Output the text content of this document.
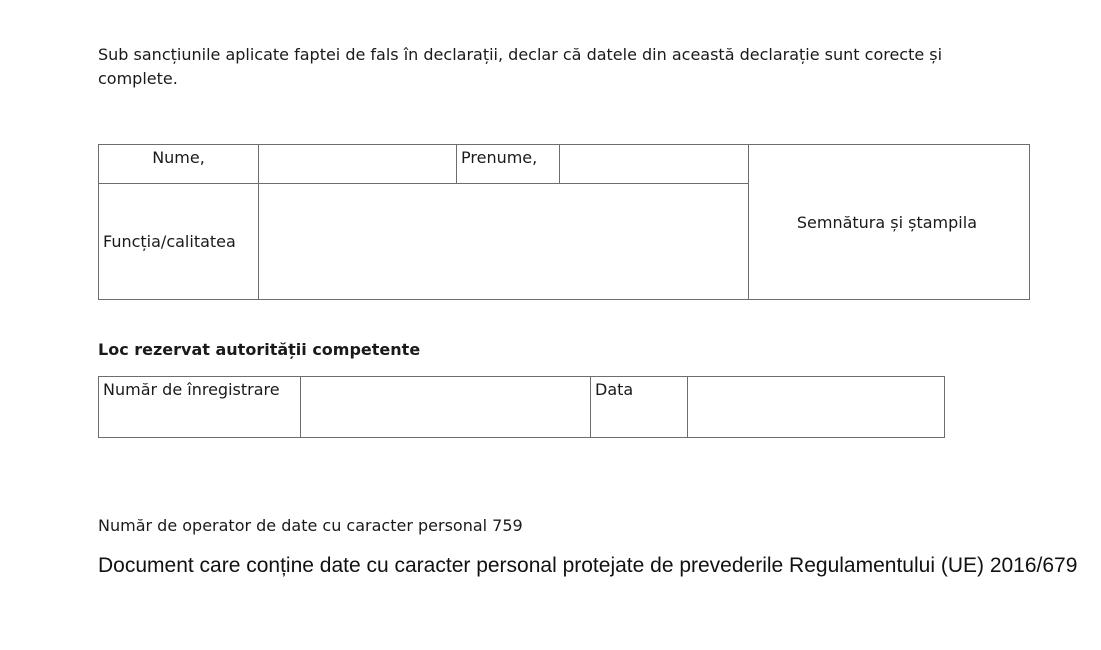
Sub sancțiunile aplicate faptei de fals în declarații, declar că datele din această declarație sunt corecte și complete.

Nume,		Prenume,		Semnătura și ștampila
Funcția/calitatea				

Loc rezervat autorității competente

Număr de înregistrare		Data	

Număr de operator de date cu caracter personal 759

Document care conține date cu caracter personal protejate de prevederile Regulamentului (UE) 2016/679
